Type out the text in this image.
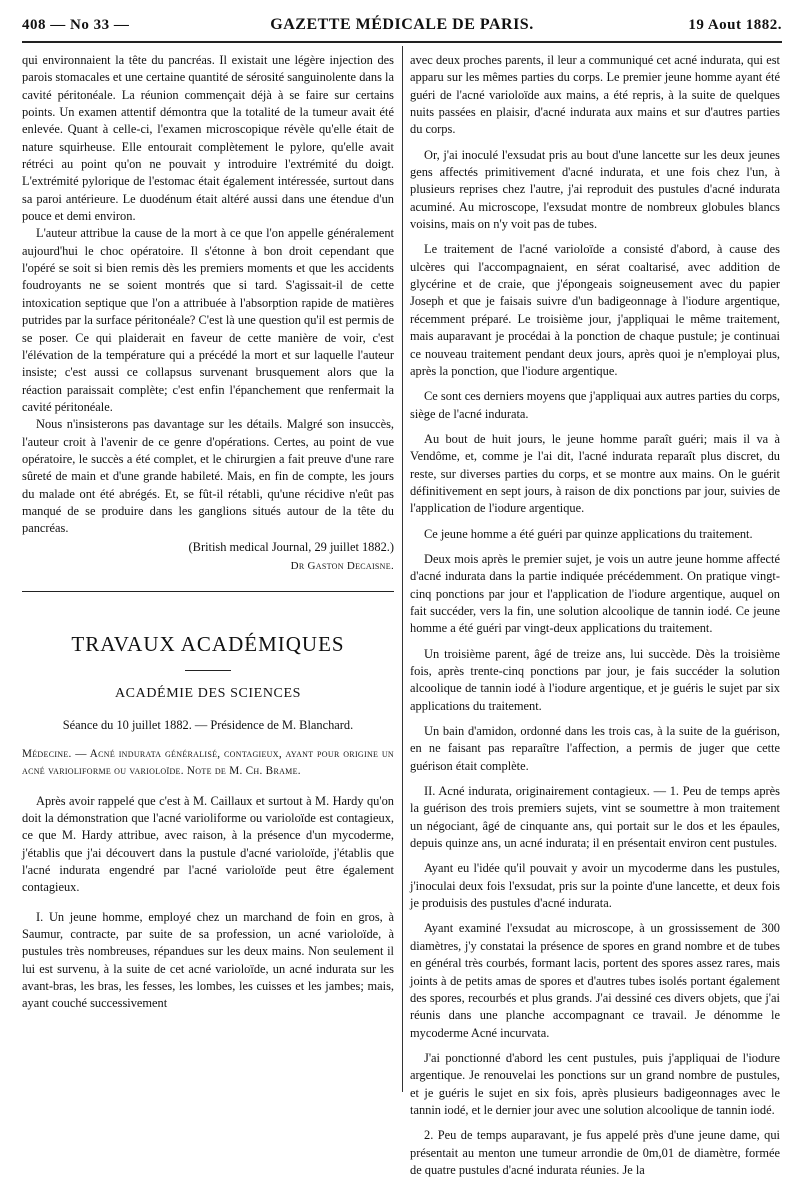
408 — No 33 —	GAZETTE MÉDICALE DE PARIS.	19 Aout 1882.

qui environnaient la tête du pancréas. Il existait une légère injection des parois stomacales et une certaine quantité de sérosité sanguinolente dans la cavité péritonéale. La réunion commençait déjà à se faire sur certains points. Un examen attentif démontra que la totalité de la tumeur avait été enlevée. Quant à celle-ci, l'examen microscopique révèle qu'elle était de nature squirheuse. Elle entourait complètement le pylore, qu'elle avait rétréci au point qu'on ne pouvait y introduire l'extrémité du doigt. L'extrémité pylorique de l'estomac était également intéressée, surtout dans sa paroi antérieure. Le duodénum était altéré aussi dans une étendue d'un pouce et demi environ.

L'auteur attribue la cause de la mort à ce que l'on appelle généralement aujourd'hui le choc opératoire. Il s'étonne à bon droit cependant que l'opéré se soit si bien remis dès les premiers moments et que les accidents foudroyants ne se soient montrés que si tard. S'agissait-il de cette intoxication septique que l'on a attribuée à l'absorption rapide de matières putrides par la surface péritonéale? C'est là une question qu'il est permis de se poser. Ce qui plaiderait en faveur de cette manière de voir, c'est l'élévation de la température qui a précédé la mort et sur laquelle l'auteur insiste; c'est aussi ce collapsus survenant brusquement alors que la réaction paraissait complète; c'est enfin l'épanchement que renfermait la cavité péritonéale.

Nous n'insisterons pas davantage sur les détails. Malgré son insuccès, l'auteur croit à l'avenir de ce genre d'opérations. Certes, au point de vue opératoire, le succès a été complet, et le chirurgien a fait preuve d'une rare sûreté de main et d'une grande habileté. Mais, en fin de compte, les jours du malade ont été abrégés. Et, se fût-il rétabli, qu'une récidive n'eût pas manqué de se produire dans les ganglions situés autour de la tête du pancréas.

(British medical Journal, 29 juillet 1882.)

Dr Gaston Decaisne.

TRAVAUX ACADÉMIQUES

ACADÉMIE DES SCIENCES

Séance du 10 juillet 1882. — Présidence de M. Blanchard.

Médecine. — Acné indurata généralisé, contagieux, ayant pour origine un acné varioliforme ou varioloïde. Note de M. Ch. Brame.

Après avoir rappelé que c'est à M. Caillaux et surtout à M. Hardy qu'on doit la démonstration que l'acné varioliforme ou varioloïde est contagieux, ce que M. Hardy attribue, avec raison, à la présence d'un mycoderme, j'établis que j'ai découvert dans la pustule d'acné varioloïde, j'établis que l'acné indurata engendré par l'acné varioloïde peut être également contagieux.

I. Un jeune homme, employé chez un marchand de foin en gros, à Saumur, contracte, par suite de sa profession, un acné varioloïde, à pustules très nombreuses, répandues sur les deux mains. Non seulement il lui est survenu, à la suite de cet acné varioloïde, un acné indurata sur les avant-bras, les bras, les fesses, les lombes, les cuisses et les jambes; mais, ayant couché successivement

avec deux proches parents, il leur a communiqué cet acné indurata, qui est apparu sur les mêmes parties du corps. Le premier jeune homme ayant été guéri de l'acné varioloïde aux mains, a été repris, à la suite de quelques nuits passées en plaisir, d'acné indurata aux mains et sur d'autres parties du corps.

Or, j'ai inoculé l'exsudat pris au bout d'une lancette sur les deux jeunes gens affectés primitivement d'acné indurata, et une fois chez l'un, à plusieurs reprises chez l'autre, j'ai reproduit des pustules d'acné indurata acuminé. Au microscope, l'exsudat montre de nombreux globules blancs voisins, mais on n'y voit pas de tubes.

Le traitement de l'acné varioloïde a consisté d'abord, à cause des ulcères qui l'accompagnaient, en sérat coaltarisé, avec addition de glycérine et de craie, que j'épongeais soigneusement avec du papier Joseph et que je faisais suivre d'un badigeonnage à l'iodure argentique, récemment préparé. Le troisième jour, j'appliquai le même traitement, mais auparavant je procédai à la ponction de chaque pustule; je continuai ce nouveau traitement pendant deux jours, après quoi je n'employai plus, après la ponction, que l'iodure argentique.

Ce sont ces derniers moyens que j'appliquai aux autres parties du corps, siège de l'acné indurata.

Au bout de huit jours, le jeune homme paraît guéri; mais il va à Vendôme, et, comme je l'ai dit, l'acné indurata reparaît plus discret, du reste, sur diverses parties du corps, et se montre aux mains. On le guérit définitivement en sept jours, à raison de dix ponctions par jour, suivies de l'application de l'iodure argentique.

Ce jeune homme a été guéri par quinze applications du traitement.

Deux mois après le premier sujet, je vois un autre jeune homme affecté d'acné indurata dans la partie indiquée précédemment. On pratique vingt-cinq ponctions par jour et l'application de l'iodure argentique, auquel on fait succéder, vers la fin, une solution alcoolique de tannin iodé. Ce jeune homme a été guéri par vingt-deux applications du traitement.

Un troisième parent, âgé de treize ans, lui succède. Dès la troisième fois, après trente-cinq ponctions par jour, je fais succéder la solution alcoolique de tannin iodé à l'iodure argentique, et je guéris le sujet par six applications du traitement.

Un bain d'amidon, ordonné dans les trois cas, à la suite de la guérison, en ne faisant pas reparaître l'affection, a permis de juger que cette guérison était complète.

II. Acné indurata, originairement contagieux. — 1. Peu de temps après la guérison des trois premiers sujets, vint se soumettre à mon traitement un négociant, âgé de cinquante ans, qui portait sur le dos et les épaules, depuis quinze ans, un acné indurata; il en présentait environ cent pustules.

Ayant eu l'idée qu'il pouvait y avoir un mycoderme dans les pustules, j'inoculai deux fois l'exsudat, pris sur la pointe d'une lancette, et deux fois je produisis des pustules d'acné indurata.

Ayant examiné l'exsudat au microscope, à un grossissement de 300 diamètres, j'y constatai la présence de spores en grand nombre et de tubes en général très courbés, formant lacis, portent des spores assez rares, mais joints à de petits amas de spores et d'autres tubes isolés portant également des spores, recourbés et plus grands. J'ai dessiné ces divers objets, que j'ai réunis dans une planche accompagnant ce travail. Je dénomme le mycoderme Acné incurvata.

J'ai ponctionné d'abord les cent pustules, puis j'appliquai de l'iodure argentique. Je renouvelai les ponctions sur un grand nombre de pustules, et je guéris le sujet en six fois, après plusieurs badigeonnages avec le tannin iodé, et le dernier jour avec une solution alcoolique de tannin iodé.

2. Peu de temps auparavant, je fus appelé près d'une jeune dame, qui présentait au menton une tumeur arrondie de 0m,01 de diamètre, formée de quatre pustules d'acné indurata réunies. Je la
